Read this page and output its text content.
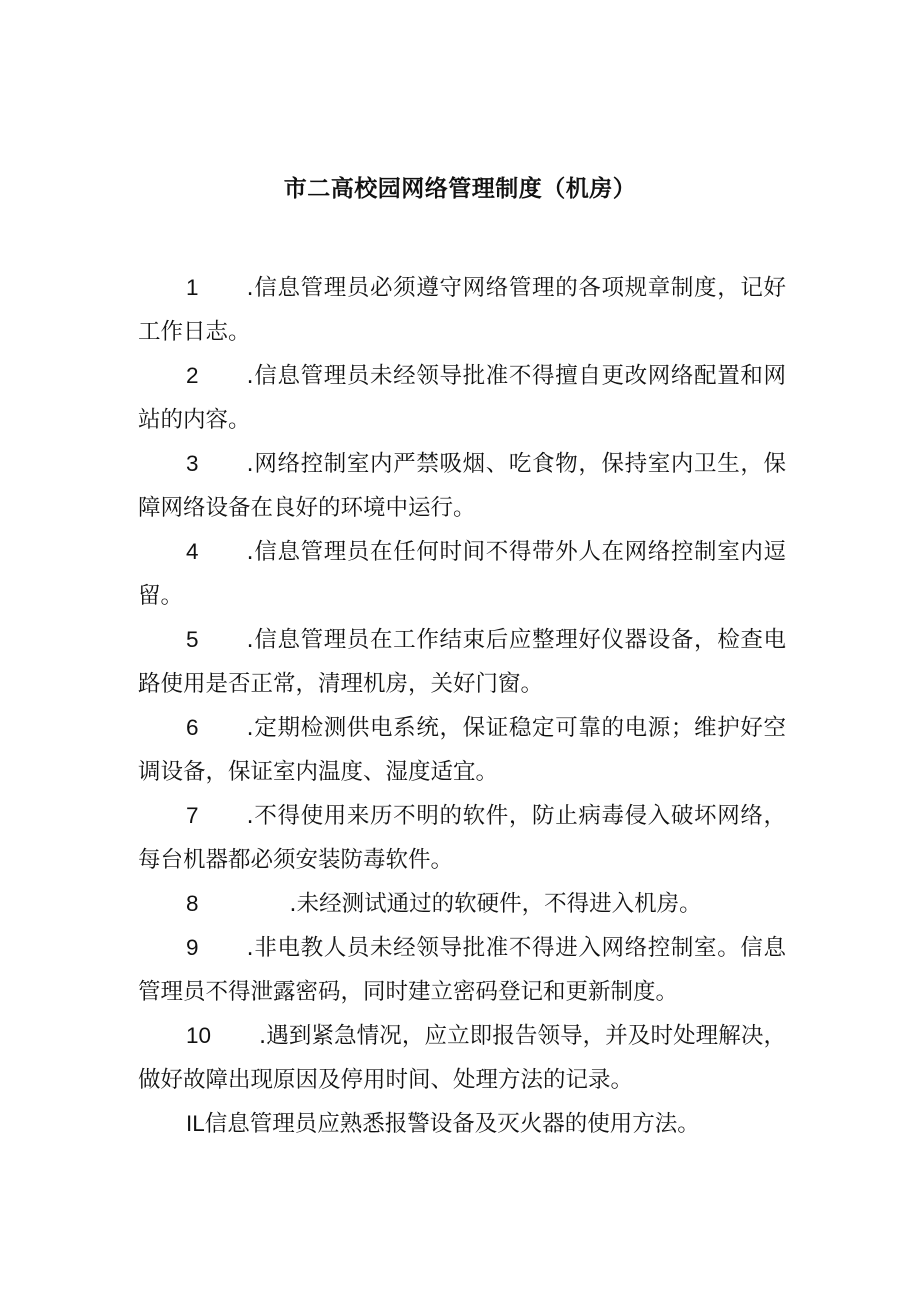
市二高校园网络管理制度（机房）
1.信息管理员必须遵守网络管理的各项规章制度，记好工作日志。
2.信息管理员未经领导批准不得擅自更改网络配置和网站的内容。
3.网络控制室内严禁吸烟、吃食物，保持室内卫生，保障网络设备在良好的环境中运行。
4.信息管理员在任何时间不得带外人在网络控制室内逗留。
5.信息管理员在工作结束后应整理好仪器设备，检查电路使用是否正常，清理机房，关好门窗。
6.定期检测供电系统，保证稳定可靠的电源；维护好空调设备，保证室内温度、湿度适宜。
7.不得使用来历不明的软件，防止病毒侵入破坏网络，每台机器都必须安装防毒软件。
8      .未经测试通过的软硬件，不得进入机房。
9.非电教人员未经领导批准不得进入网络控制室。信息管理员不得泄露密码，同时建立密码登记和更新制度。
10.遇到紧急情况，应立即报告领导，并及时处理解决，做好故障出现原因及停用时间、处理方法的记录。
IL信息管理员应熟悉报警设备及灭火器的使用方法。
